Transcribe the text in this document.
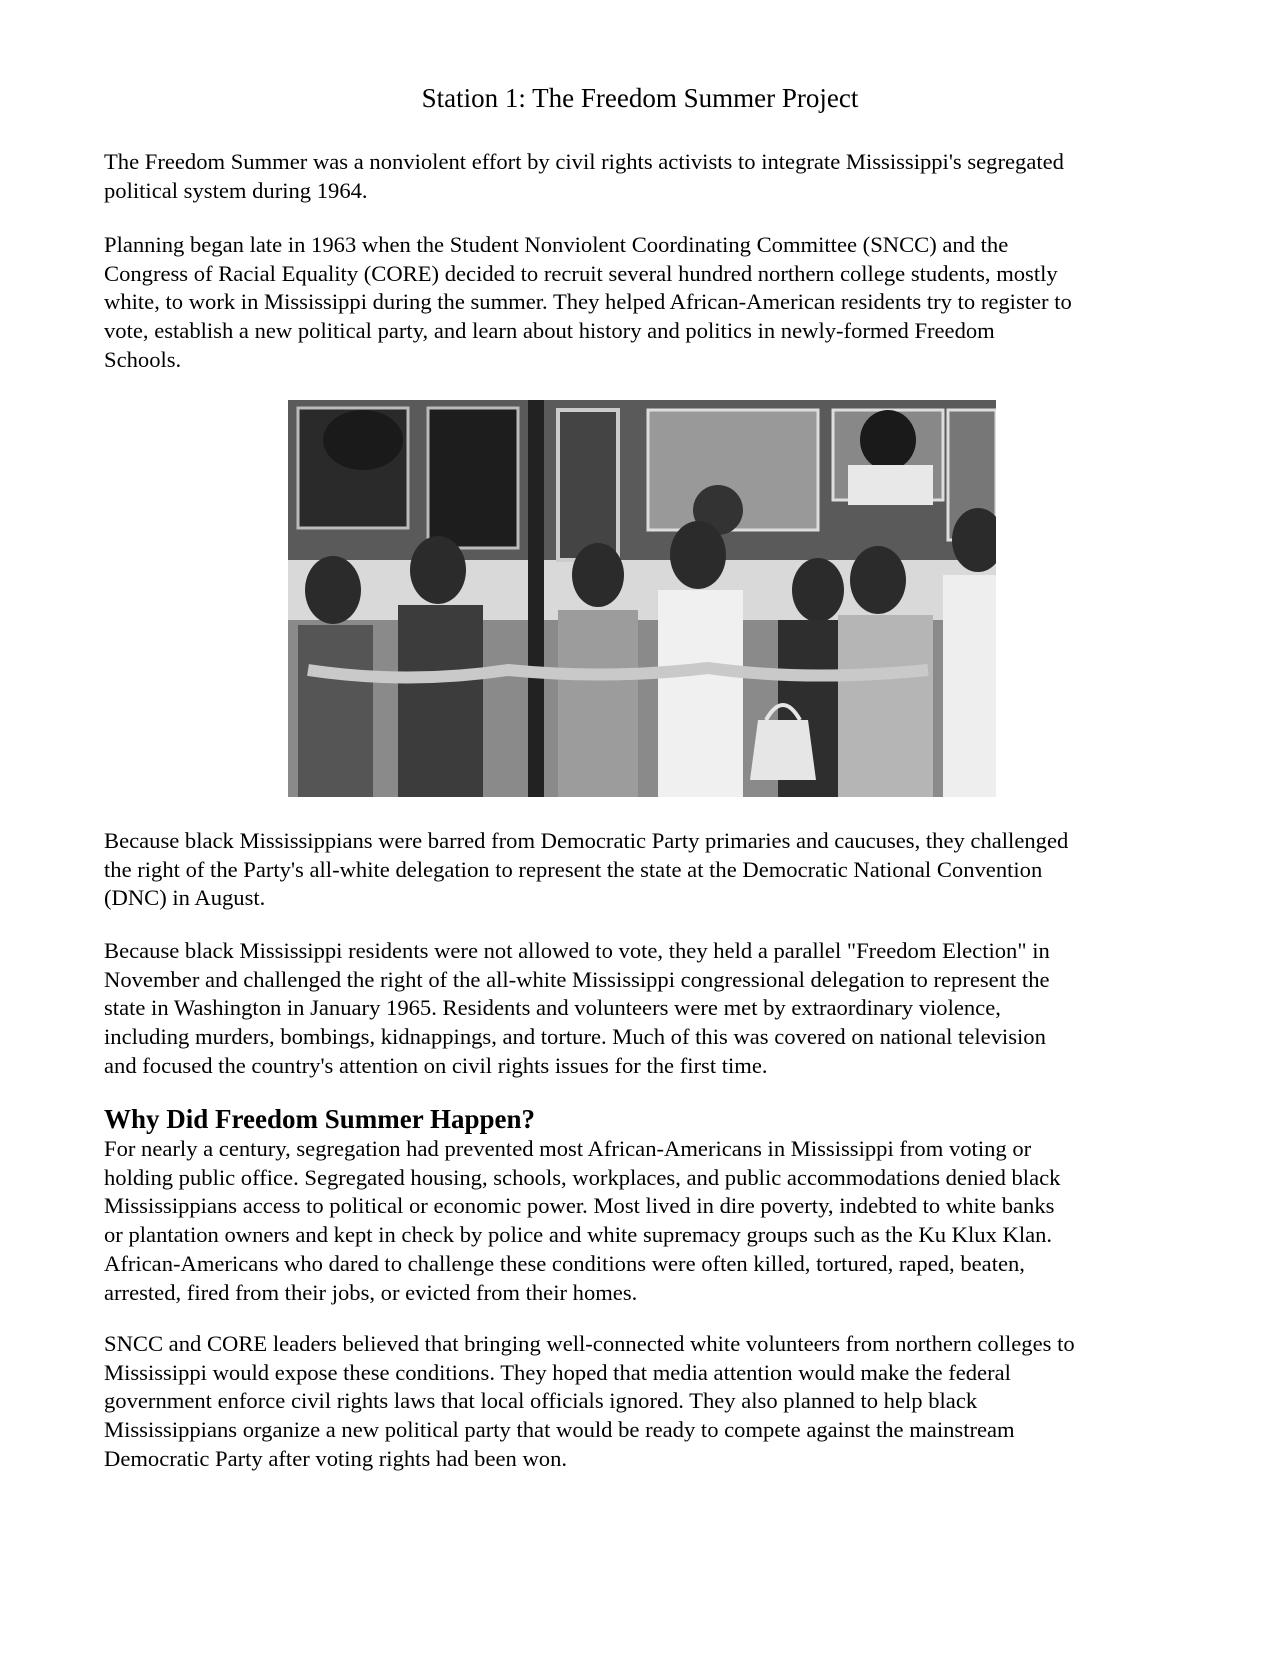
Station 1: The Freedom Summer Project

The Freedom Summer was a nonviolent effort by civil rights activists to integrate Mississippi's segregated
political system during 1964.

Planning began late in 1963 when the Student Nonviolent Coordinating Committee (SNCC) and the
Congress of Racial Equality (CORE) decided to recruit several hundred northern college students, mostly
white, to work in Mississippi during the summer. They helped African-American residents try to register to
vote, establish a new political party, and learn about history and politics in newly-formed Freedom
Schools.

Because black Mississippians were barred from Democratic Party primaries and caucuses, they challenged
the right of the Party's all-white delegation to represent the state at the Democratic National Convention
(DNC) in August.

Because black Mississippi residents were not allowed to vote, they held a parallel "Freedom Election" in
November and challenged the right of the all-white Mississippi congressional delegation to represent the
state in Washington in January 1965. Residents and volunteers were met by extraordinary violence,
including murders, bombings, kidnappings, and torture. Much of this was covered on national television
and focused the country's attention on civil rights issues for the first time.

Why Did Freedom Summer Happen?

For nearly a century, segregation had prevented most African-Americans in Mississippi from voting or
holding public office. Segregated housing, schools, workplaces, and public accommodations denied black
Mississippians access to political or economic power. Most lived in dire poverty, indebted to white banks
or plantation owners and kept in check by police and white supremacy groups such as the Ku Klux Klan.
African-Americans who dared to challenge these conditions were often killed, tortured, raped, beaten,
arrested, fired from their jobs, or evicted from their homes.

SNCC and CORE leaders believed that bringing well-connected white volunteers from northern colleges to
Mississippi would expose these conditions. They hoped that media attention would make the federal
government enforce civil rights laws that local officials ignored. They also planned to help black
Mississippians organize a new political party that would be ready to compete against the mainstream
Democratic Party after voting rights had been won.
